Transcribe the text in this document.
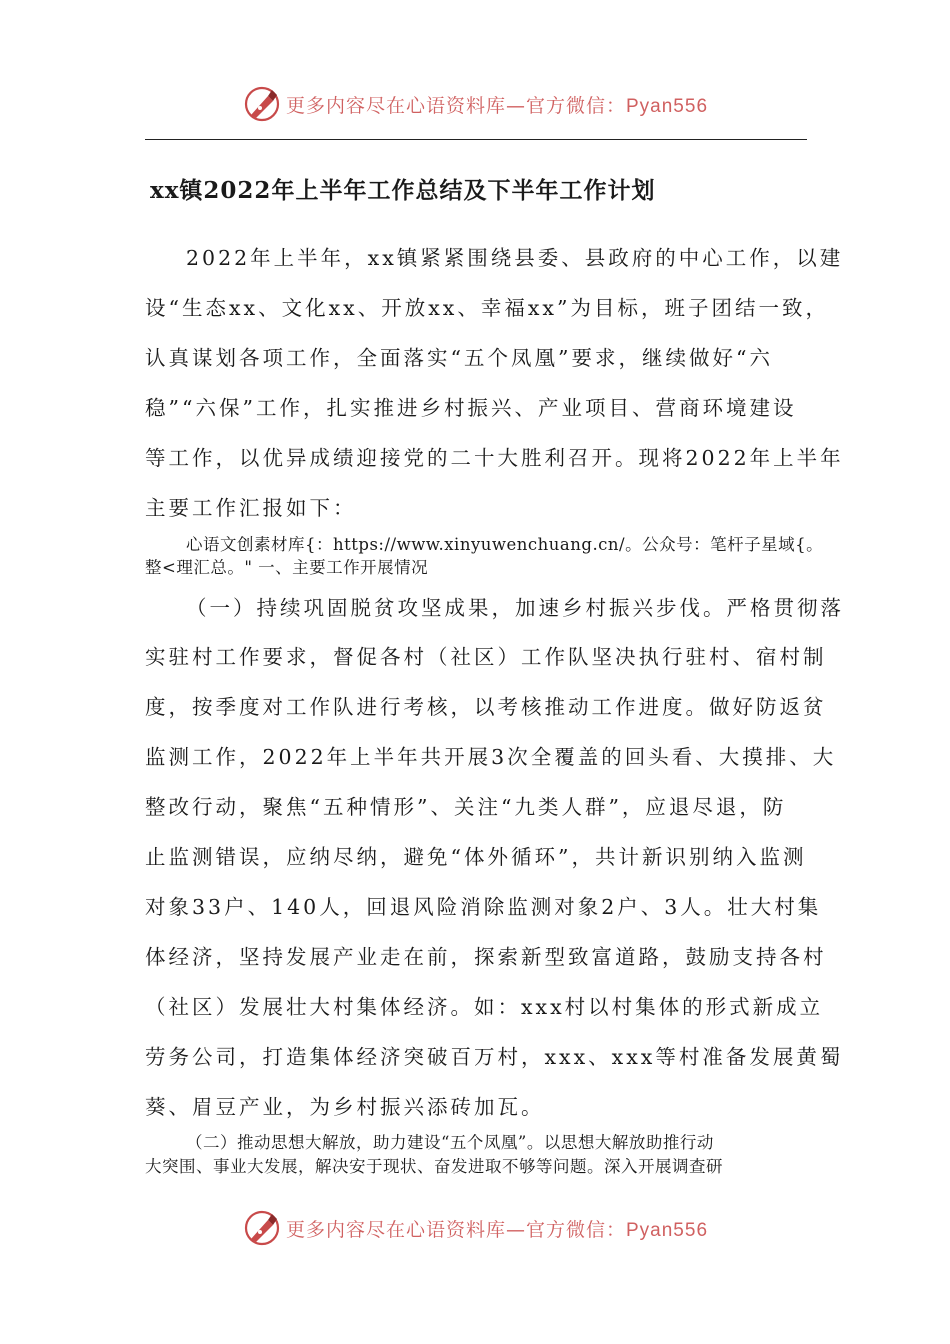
更多内容尽在心语资料库—官方微信：Pyan556
xx镇2022年上半年工作总结及下半年工作计划
2022年上半年，xx镇紧紧围绕县委、县政府的中心工作，以建
设“生态xx、文化xx、开放xx、幸福xx”为目标，班子团结一致，
认真谋划各项工作，全面落实“五个凤凰”要求，继续做好“六
稳”“六保”工作，扎实推进乡村振兴、产业项目、营商环境建设
等工作，以优异成绩迎接党的二十大胜利召开。现将2022年上半年
主要工作汇报如下：
心语文创素材库{：https://www.xinyuwenchuang.cn/。公众号：笔杆子星域{。
整<理汇总。" 一、主要工作开展情况
（一）持续巩固脱贫攻坚成果，加速乡村振兴步伐。严格贯彻落
实驻村工作要求，督促各村（社区）工作队坚决执行驻村、宿村制
度，按季度对工作队进行考核，以考核推动工作进度。做好防返贫
监测工作，2022年上半年共开展3次全覆盖的回头看、大摸排、大
整改行动，聚焦“五种情形”、关注“九类人群”，应退尽退，防
止监测错误，应纳尽纳，避免“体外循环”，共计新识别纳入监测
对象33户、140人，回退风险消除监测对象2户、3人。壮大村集
体经济，坚持发展产业走在前，探索新型致富道路，鼓励支持各村
（社区）发展壮大村集体经济。如：xxx村以村集体的形式新成立
劳务公司，打造集体经济突破百万村，xxx、xxx等村准备发展黄蜀
葵、眉豆产业，为乡村振兴添砖加瓦。
（二）推动思想大解放，助力建设“五个凤凰”。以思想大解放助推行动
大突围、事业大发展，解决安于现状、奋发进取不够等问题。深入开展调查研
更多内容尽在心语资料库—官方微信：Pyan556
